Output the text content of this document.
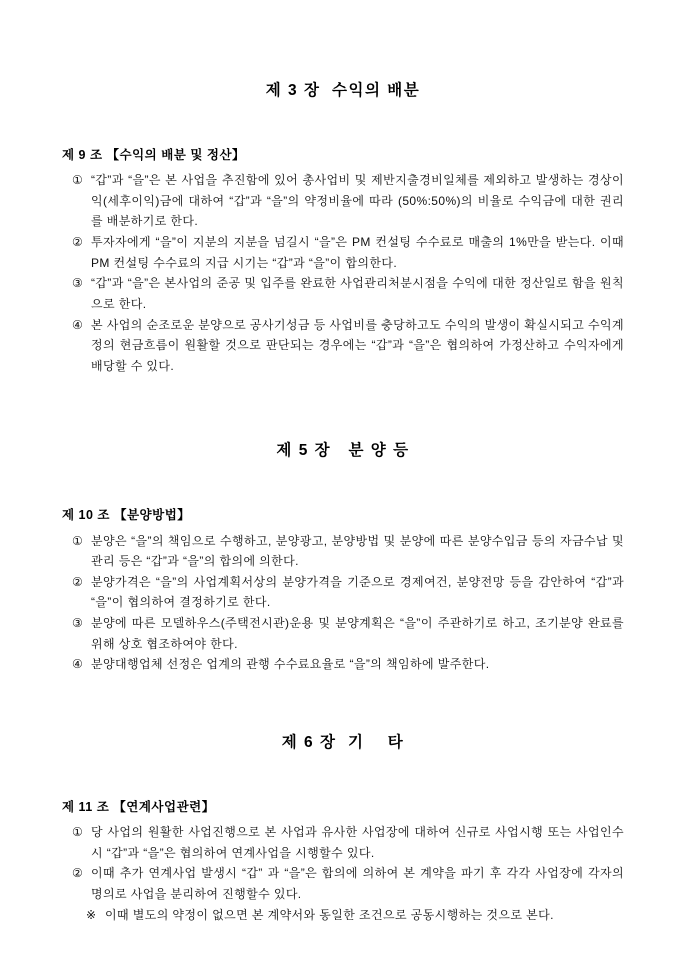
제 3 장  수익의 배분
제 9 조 【수익의 배분 및 정산】
① “갑”과 “을”은 본 사업을 추진함에 있어 총사업비 및 제반지출경비일체를 제외하고 발생하는 경상이익(세후이익)금에 대하여 “갑”과 “을”의 약정비율에 따라 (50%:50%)의 비율로 수익금에 대한 권리를 배분하기로 한다.

② 투자자에게 “을”이 지분의 지분을 넘길시 “을”은 PM 컨설팅 수수료로 매출의 1%만을 받는다. 이때 PM 컨설팅 수수료의 지급 시기는 “갑”과 “을”이 합의한다.

③ “갑”과 “을”은 본사업의 준공 및 입주를 완료한 사업관리처분시점을 수익에 대한 정산일로 함을 원칙으로 한다.

④ 본 사업의 순조로운 분양으로 공사기성금 등 사업비를 충당하고도 수익의 발생이 확실시되고 수익계정의 현금흐름이 원활할 것으로 판단되는 경우에는 “갑”과 “을”은 협의하여 가정산하고 수익자에게 배당할 수 있다.

제 5 장   분 양 등
제 10 조 【분양방법】
① 분양은 “을”의 책임으로 수행하고, 분양광고, 분양방법 및 분양에 따른 분양수입금 등의 자금수납 및 관리 등은 “갑”과 “을”의 합의에 의한다.

② 분양가격은 “을”의 사업계획서상의 분양가격을 기준으로 경제여건, 분양전망 등을 감안하여 “갑”과 “을”이 협의하여 결정하기로 한다.

③ 분양에 따른 모델하우스(주택전시관)운용 및 분양계획은 “을”이 주관하기로 하고, 조기분양 완료를 위해 상호 협조하여야 한다.

④ 분양대행업체 선정은 업계의 관행 수수료요율로 “을”의 책임하에 발주한다.

제 6 장  기    타
제 11 조 【연계사업관련】
① 당 사업의 원활한 사업진행으로 본 사업과 유사한 사업장에 대하여 신규로 사업시행 또는 사업인수 시 “갑”과 “을”은 협의하여 연계사업을 시행할수 있다.

② 이때 추가 연계사업 발생시 “갑” 과 “을”은 합의에 의하여 본 계약을 파기 후 각각 사업장에 각자의 명의로 사업을 분리하여 진행할수 있다.

※ 이때 별도의 약정이 없으면 본 계약서와 동일한 조건으로 공동시행하는 것으로 본다.
